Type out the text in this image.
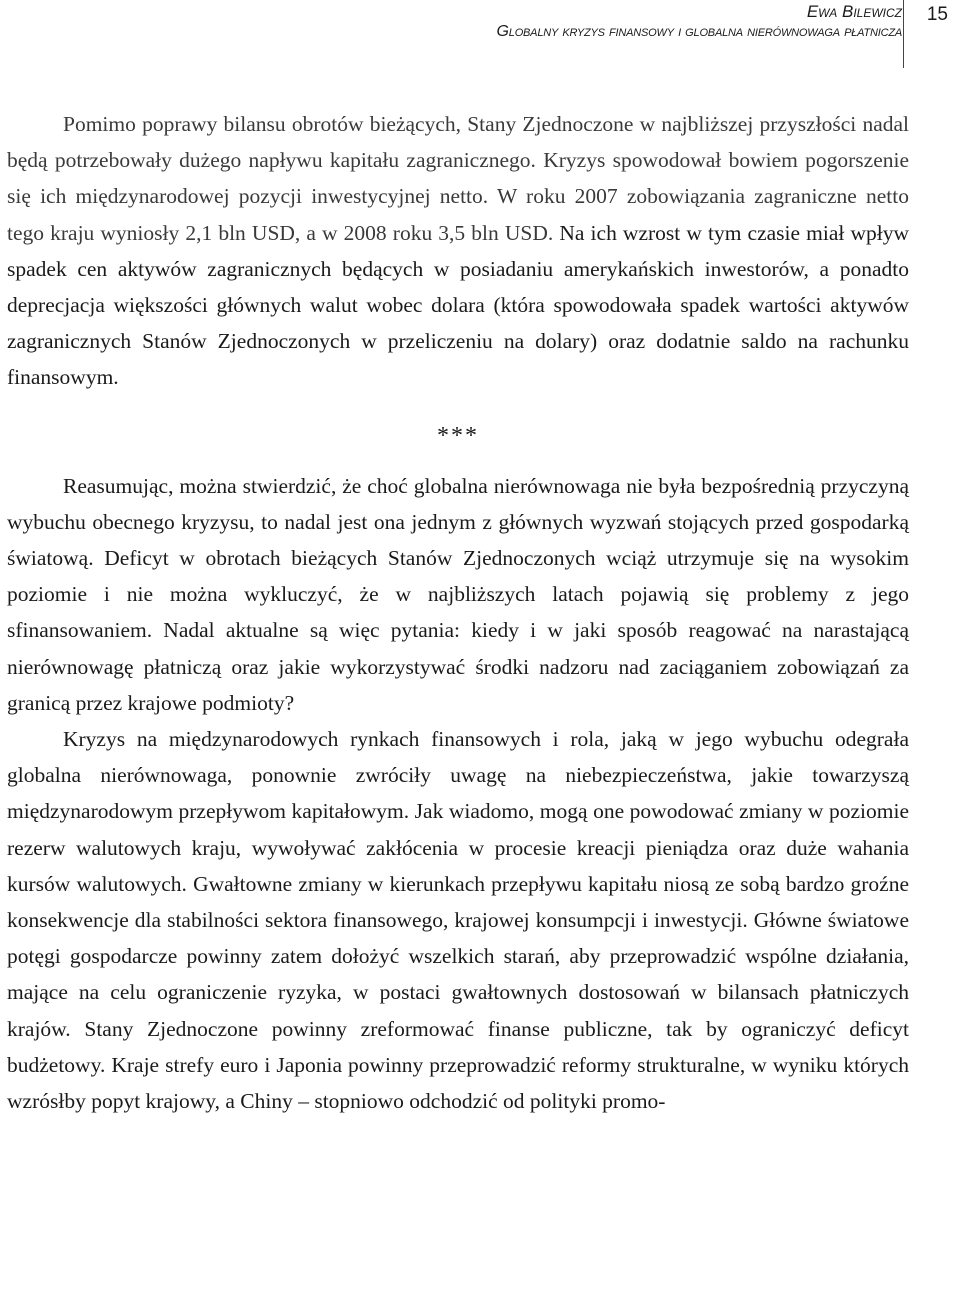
Ewa Bilewicz
Globalny kryzys finansowy i globalna nierównowaga płatnicza
15

Pomimo poprawy bilansu obrotów bieżących, Stany Zjednoczone w najbliższej przyszłości nadal będą potrzebowały dużego napływu kapitału zagranicznego. Kryzys spowodował bowiem pogorszenie się ich międzynarodowej pozycji inwestycyjnej netto. W roku 2007 zobowiązania zagraniczne netto tego kraju wyniosły 2,1 bln USD, a w 2008 roku 3,5 bln USD. Na ich wzrost w tym czasie miał wpływ spadek cen aktywów zagranicznych będących w posiadaniu amerykańskich inwestorów, a ponadto deprecjacja większości głównych walut wobec dolara (która spowodowała spadek wartości aktywów zagranicznych Stanów Zjednoczonych w przeliczeniu na dolary) oraz dodatnie saldo na rachunku finansowym.

***

Reasumując, można stwierdzić, że choć globalna nierównowaga nie była bezpośrednią przyczyną wybuchu obecnego kryzysu, to nadal jest ona jednym z głównych wyzwań stojących przed gospodarką światową. Deficyt w obrotach bieżących Stanów Zjednoczonych wciąż utrzymuje się na wysokim poziomie i nie można wykluczyć, że w najbliższych latach pojawią się problemy z jego sfinansowaniem. Nadal aktualne są więc pytania: kiedy i w jaki sposób reagować na narastającą nierównowagę płatniczą oraz jakie wykorzystywać środki nadzoru nad zaciąganiem zobowiązań za granicą przez krajowe podmioty?

Kryzys na międzynarodowych rynkach finansowych i rola, jaką w jego wybuchu odegrała globalna nierównowaga, ponownie zwróciły uwagę na niebezpieczeństwa, jakie towarzyszą międzynarodowym przepływom kapitałowym. Jak wiadomo, mogą one powodować zmiany w poziomie rezerw walutowych kraju, wywoływać zakłócenia w procesie kreacji pieniądza oraz duże wahania kursów walutowych. Gwałtowne zmiany w kierunkach przepływu kapitału niosą ze sobą bardzo groźne konsekwencje dla stabilności sektora finansowego, krajowej konsumpcji i inwestycji. Główne światowe potęgi gospodarcze powinny zatem dołożyć wszelkich starań, aby przeprowadzić wspólne działania, mające na celu ograniczenie ryzyka, w postaci gwałtownych dostosowań w bilansach płatniczych krajów. Stany Zjednoczone powinny zreformować finanse publiczne, tak by ograniczyć deficyt budżetowy. Kraje strefy euro i Japonia powinny przeprowadzić reformy strukturalne, w wyniku których wzrósłby popyt krajowy, a Chiny – stopniowo odchodzić od polityki promo-
